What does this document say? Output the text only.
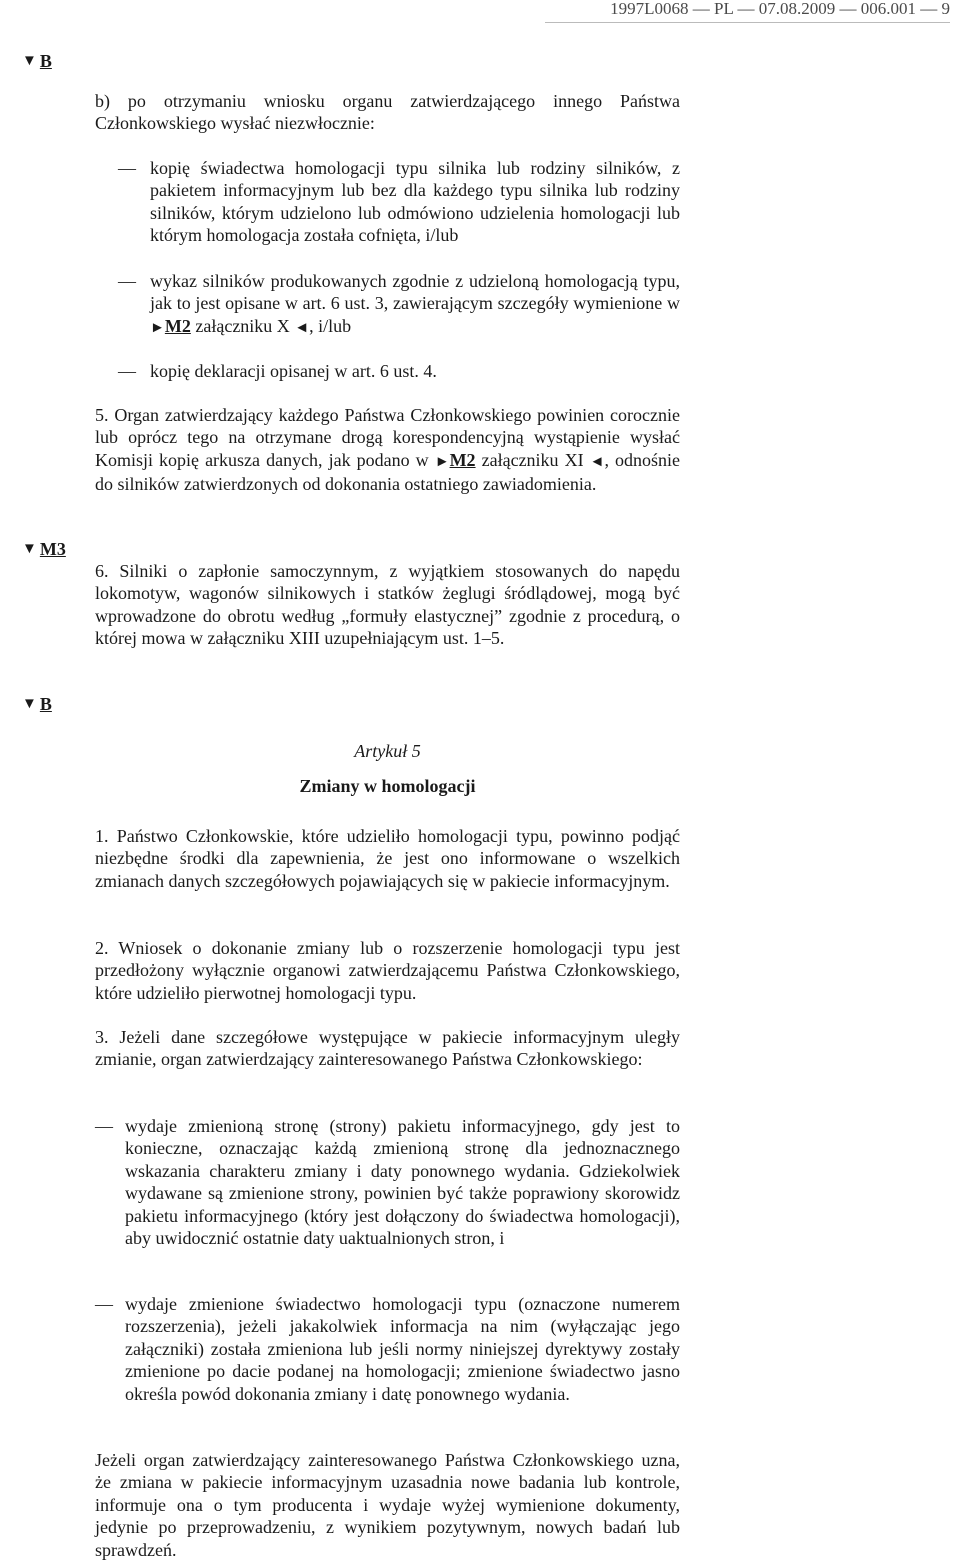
1997L0068 — PL — 07.08.2009 — 006.001 — 9
▼ B
b) po otrzymaniu wniosku organu zatwierdzającego innego Państwa Członkowskiego wysłać niezwłocznie:
— kopię świadectwa homologacji typu silnika lub rodziny silników, z pakietem informacyjnym lub bez dla każdego typu silnika lub rodziny silników, którym udzielono lub odmówiono udzielenia homologacji lub którym homologacja została cofnięta, i/lub
— wykaz silników produkowanych zgodnie z udzieloną homologacją typu, jak to jest opisane w art. 6 ust. 3, zawierającym szczegóły wymienione w ►M2 załączniku X ◄, i/lub
— kopię deklaracji opisanej w art. 6 ust. 4.
5. Organ zatwierdzający każdego Państwa Członkowskiego powinien corocznie lub oprócz tego na otrzymane drogą korespondencyjną wystąpienie wysłać Komisji kopię arkusza danych, jak podano w ►M2 załączniku XI ◄, odnośnie do silników zatwierdzonych od dokonania ostatniego zawiadomienia.
▼ M3
6. Silniki o zapłonie samoczynnym, z wyjątkiem stosowanych do napędu lokomotyw, wagonów silnikowych i statków żeglugi śródlądowej, mogą być wprowadzone do obrotu według „formuły elastycznej” zgodnie z procedurą, o której mowa w załączniku XIII uzupełniającym ust. 1–5.
▼ B
Artykuł 5
Zmiany w homologacji
1. Państwo Członkowskie, które udzieliło homologacji typu, powinno podjąć niezbędne środki dla zapewnienia, że jest ono informowane o wszelkich zmianach danych szczegółowych pojawiających się w pakiecie informacyjnym.
2. Wniosek o dokonanie zmiany lub o rozszerzenie homologacji typu jest przedłożony wyłącznie organowi zatwierdzającemu Państwa Członkowskiego, które udzieliło pierwotnej homologacji typu.
3. Jeżeli dane szczegółowe występujące w pakiecie informacyjnym uległy zmianie, organ zatwierdzający zainteresowanego Państwa Członkowskiego:
— wydaje zmienioną stronę (strony) pakietu informacyjnego, gdy jest to konieczne, oznaczając każdą zmienioną stronę dla jednoznacznego wskazania charakteru zmiany i daty ponownego wydania. Gdziekolwiek wydawane są zmienione strony, powinien być także poprawiony skorowidz pakietu informacyjnego (który jest dołączony do świadectwa homologacji), aby uwidocznić ostatnie daty uaktualnionych stron, i
— wydaje zmienione świadectwo homologacji typu (oznaczone numerem rozszerzenia), jeżeli jakakolwiek informacja na nim (wyłączając jego załączniki) została zmieniona lub jeśli normy niniejszej dyrektywy zostały zmienione po dacie podanej na homologacji; zmienione świadectwo jasno określa powód dokonania zmiany i datę ponownego wydania.
Jeżeli organ zatwierdzający zainteresowanego Państwa Członkowskiego uzna, że zmiana w pakiecie informacyjnym uzasadnia nowe badania lub kontrole, informuje ona o tym producenta i wydaje wyżej wymienione dokumenty, jedynie po przeprowadzeniu, z wynikiem pozytywnym, nowych badań lub sprawdzeń.
